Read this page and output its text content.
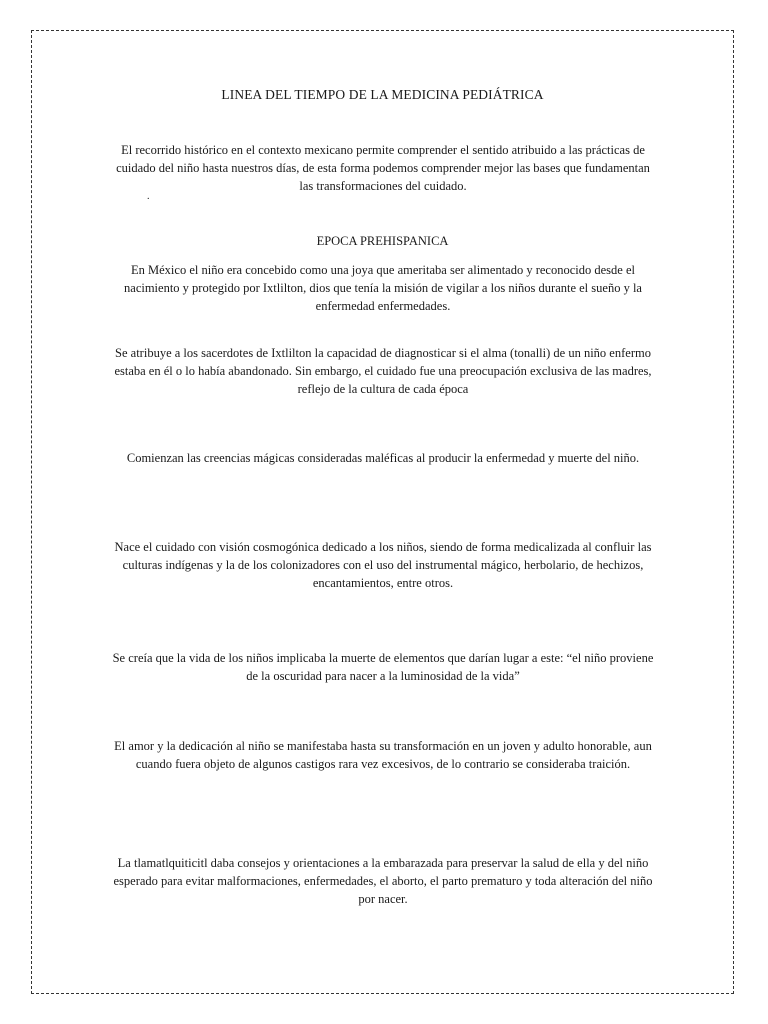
LINEA DEL TIEMPO DE LA MEDICINA PEDIÁTRICA
El recorrido histórico en el contexto mexicano permite comprender el sentido atribuido a las prácticas de cuidado del niño hasta nuestros días, de esta forma podemos comprender mejor las bases que fundamentan las transformaciones del cuidado.
.
EPOCA PREHISPANICA
En México el niño era concebido como una joya que ameritaba ser alimentado y reconocido desde el nacimiento y protegido por Ixtlilton, dios que tenía la misión de vigilar a los niños durante el sueño y la enfermedad enfermedades.
Se atribuye a los sacerdotes de Ixtlilton la capacidad de diagnosticar si el alma (tonalli) de un niño enfermo estaba en él o lo había abandonado. Sin embargo, el cuidado fue una preocupación exclusiva de las madres, reflejo de la cultura de cada época
Comienzan las creencias mágicas consideradas maléficas al producir la enfermedad y muerte del niño.
Nace el cuidado con visión cosmogónica dedicado a los niños, siendo de forma medicalizada al confluir las culturas indígenas y la de los colonizadores con el uso del instrumental mágico, herbolario, de hechizos, encantamientos, entre otros.
Se creía que la vida de los niños implicaba la muerte de elementos que darían lugar a este: “el niño proviene de la oscuridad para nacer a la luminosidad de la vida”
El amor y la dedicación al niño se manifestaba hasta su transformación en un joven y adulto honorable, aun cuando fuera objeto de algunos castigos rara vez excesivos, de lo contrario se consideraba traición.
La tlamatlquiticitl daba consejos y orientaciones a la embarazada para preservar la salud de ella y del niño esperado para evitar malformaciones, enfermedades, el aborto, el parto prematuro y toda alteración del niño por nacer.
